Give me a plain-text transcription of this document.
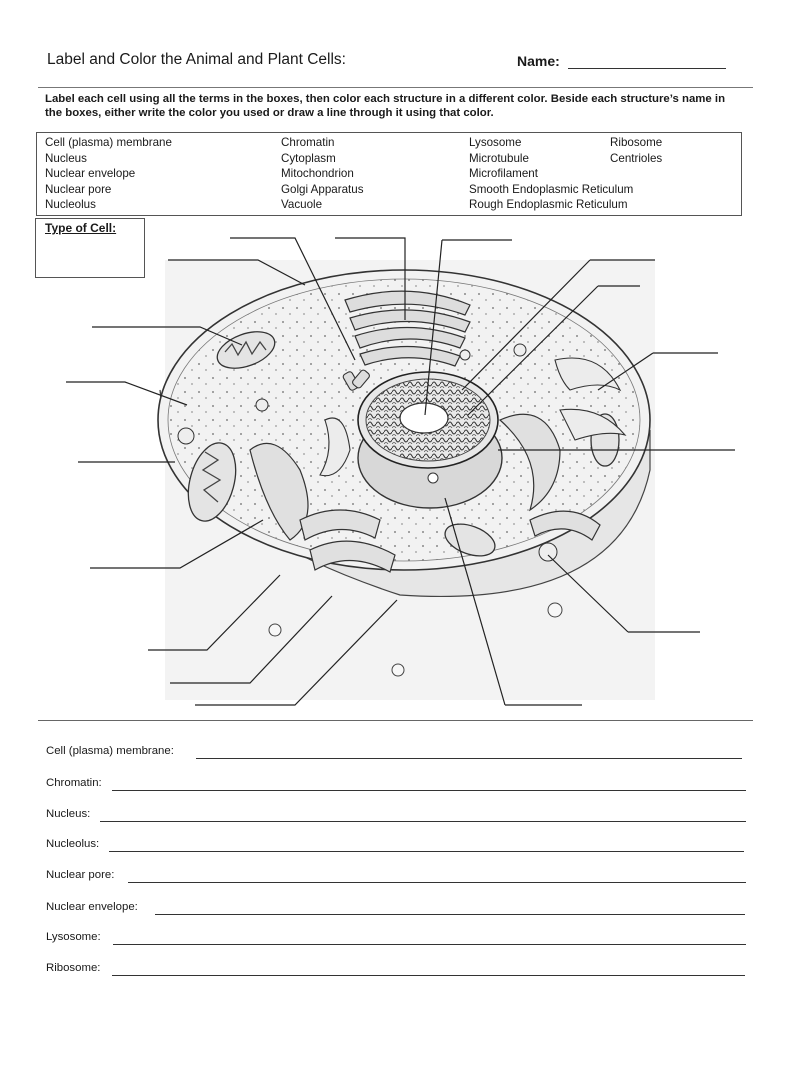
Label and Color the Animal and Plant Cells:	Name:
Label each cell using all the terms in the boxes, then color each structure in a different color. Beside each structure’s name in the boxes, either write the color you used or draw a line through it using that color.
Cell (plasma) membrane
Nucleus
Nuclear envelope
Nuclear pore
Nucleolus
Chromatin
Cytoplasm
Mitochondrion
Golgi Apparatus
Vacuole
Lysosome
Microtubule
Microfilament
Smooth Endoplasmic Reticulum
Rough Endoplasmic Reticulum
Ribosome
Centrioles
Type of Cell:
Cell (plasma) membrane:
Chromatin:
Nucleus:
Nucleolus:
Nuclear pore:
Nuclear envelope:
Lysosome:
Ribosome:
